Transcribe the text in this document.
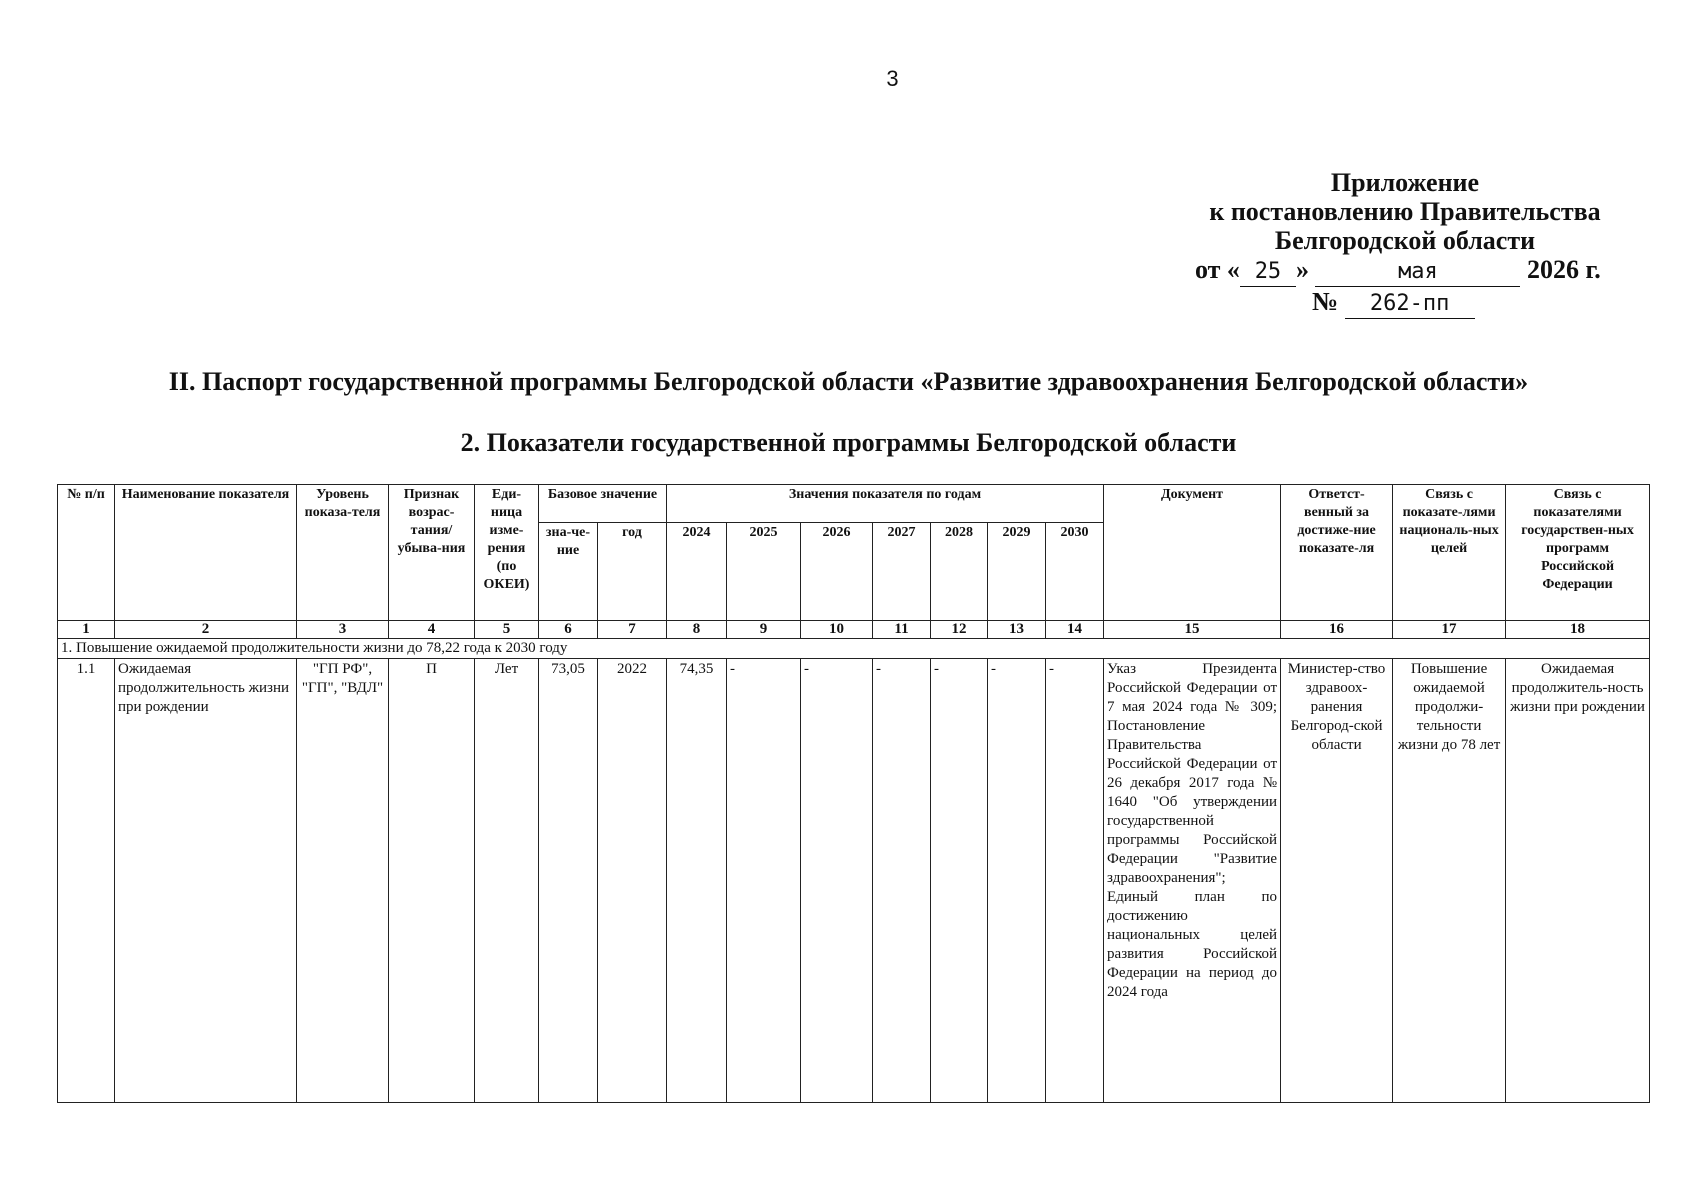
3
Приложение
к постановлению Правительства
Белгородской области
от « 25 »	мая	2026 г.
№ 262-пп
II. Паспорт государственной программы Белгородской области «Развитие здравоохранения Белгородской области»
2. Показатели государственной программы Белгородской области
№ п/п	Наименование показателя	Уровень показа-теля	Признак возрас-тания/ убыва-ния	Еди-ница изме-рения (по ОКЕИ)	Базовое значение		Значения показателя по годам							Документ	Ответст-венный за достиже-ние показате-ля	Связь с показате-лями националь-ных целей	Связь с показателями государствен-ных программ Российской Федерации
					зна-че-ние	год	2024	2025	2026	2027	2028	2029	2030				
1	2	3	4	5	6	7	8	9	10	11	12	13	14	15	16	17	18
1. Повышение ожидаемой продолжительности жизни до 78,22 года к 2030 году																	
1.1	Ожидаемая продолжительность жизни при рождении	"ГП РФ", "ГП", "ВДЛ"	П	Лет	73,05	2022	74,35	-	-	-	-	-	-	Указ Президента Российской Федерации от 7 мая 2024 года № 309; Постановление Правительства Российской Федерации от 26 декабря 2017 года № 1640 "Об утверждении государственной программы Российской Федерации "Развитие здравоохранения"; Единый план по достижению национальных целей развития Российской Федерации на период до 2024 года	Министер-ство здравоох-ранения Белгород-ской области	Повышение ожидаемой продолжи-тельности жизни до 78 лет	Ожидаемая продолжитель-ность жизни при рождении
